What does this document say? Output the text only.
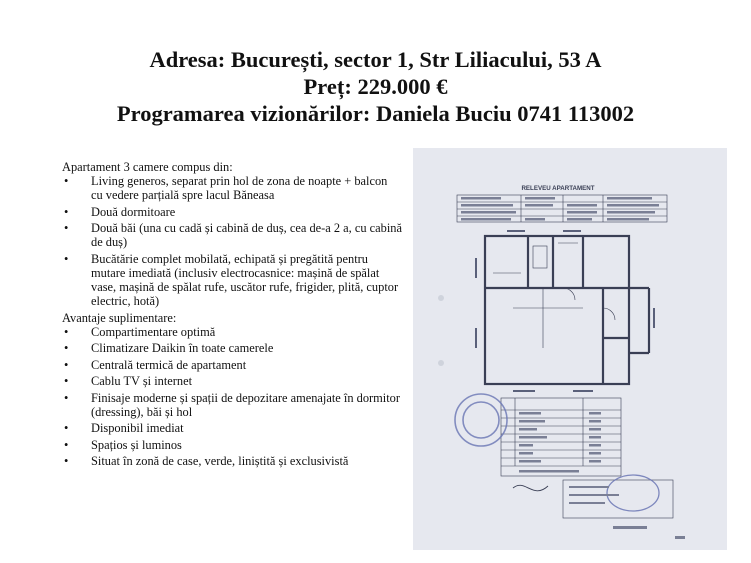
Adresa: București, sector 1, Str Liliacului, 53 A
Preț: 229.000 €
Programarea vizionărilor: Daniela Buciu 0741 113002

Apartament 3 camere compus din:

• Living generos, separat prin hol de zona de noapte + balcon cu vedere parțială spre lacul Băneasa
• Două dormitoare
• Două băi (una cu cadă și cabină de duș, cea de-a 2 a, cu cabină de duș)
• Bucătărie complet mobilată, echipată și pregătită pentru mutare imediată (inclusiv electrocasnice: mașină de spălat vase, mașină de spălat rufe, uscător rufe, frigider, plită, cuptor electric, hotă)

Avantaje suplimentare:

• Compartimentare optimă
• Climatizare Daikin în toate camerele
• Centrală termică de apartament
• Cablu TV și internet
• Finisaje moderne și spații de depozitare amenajate în dormitor (dressing), băi și hol
• Disponibil imediat
• Spațios și luminos
• Situat în zonă de case, verde, liniștită și exclusivistă
RELEVEU APARTAMENT
